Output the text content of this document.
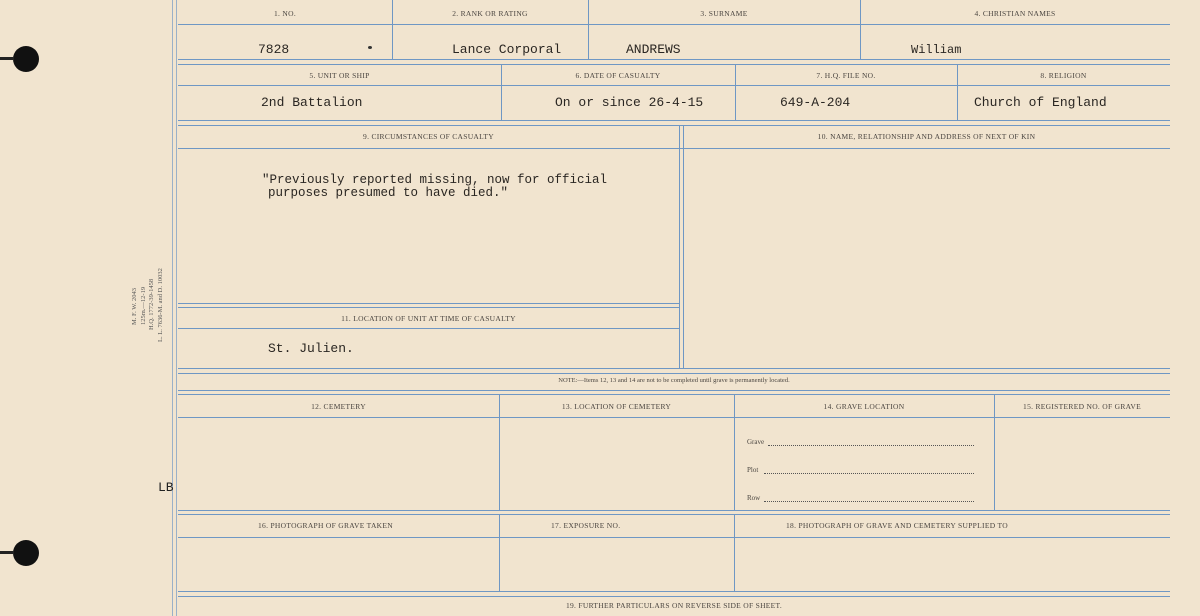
M. F. W. 2043 125m.—12-19 H.Q. 1772-39-1458 L. L. 7636-M. and D. 10032
LB
1. NO.	2. RANK OR RATING	3. SURNAME	4. CHRISTIAN NAMES
7828	Lance Corporal	ANDREWS	William
5. UNIT OR SHIP	6. DATE OF CASUALTY	7. H.Q. FILE NO.	8. RELIGION
2nd Battalion	On or since 26-4-15	649-A-204	Church of England
9. CIRCUMSTANCES OF CASUALTY	10. NAME, RELATIONSHIP AND ADDRESS OF NEXT OF KIN
"Previously reported missing, now for official
purposes presumed to have died."
11. LOCATION OF UNIT AT TIME OF CASUALTY
St. Julien.
NOTE:—Items 12, 13 and 14 are not to be completed until grave is permanently located.
12. CEMETERY	13. LOCATION OF CEMETERY	14. GRAVE LOCATION	15. REGISTERED NO. OF GRAVE
Grave
Plot
Row
16. PHOTOGRAPH OF GRAVE TAKEN	17. EXPOSURE NO.	18. PHOTOGRAPH OF GRAVE AND CEMETERY SUPPLIED TO
19. FURTHER PARTICULARS ON REVERSE SIDE OF SHEET.
